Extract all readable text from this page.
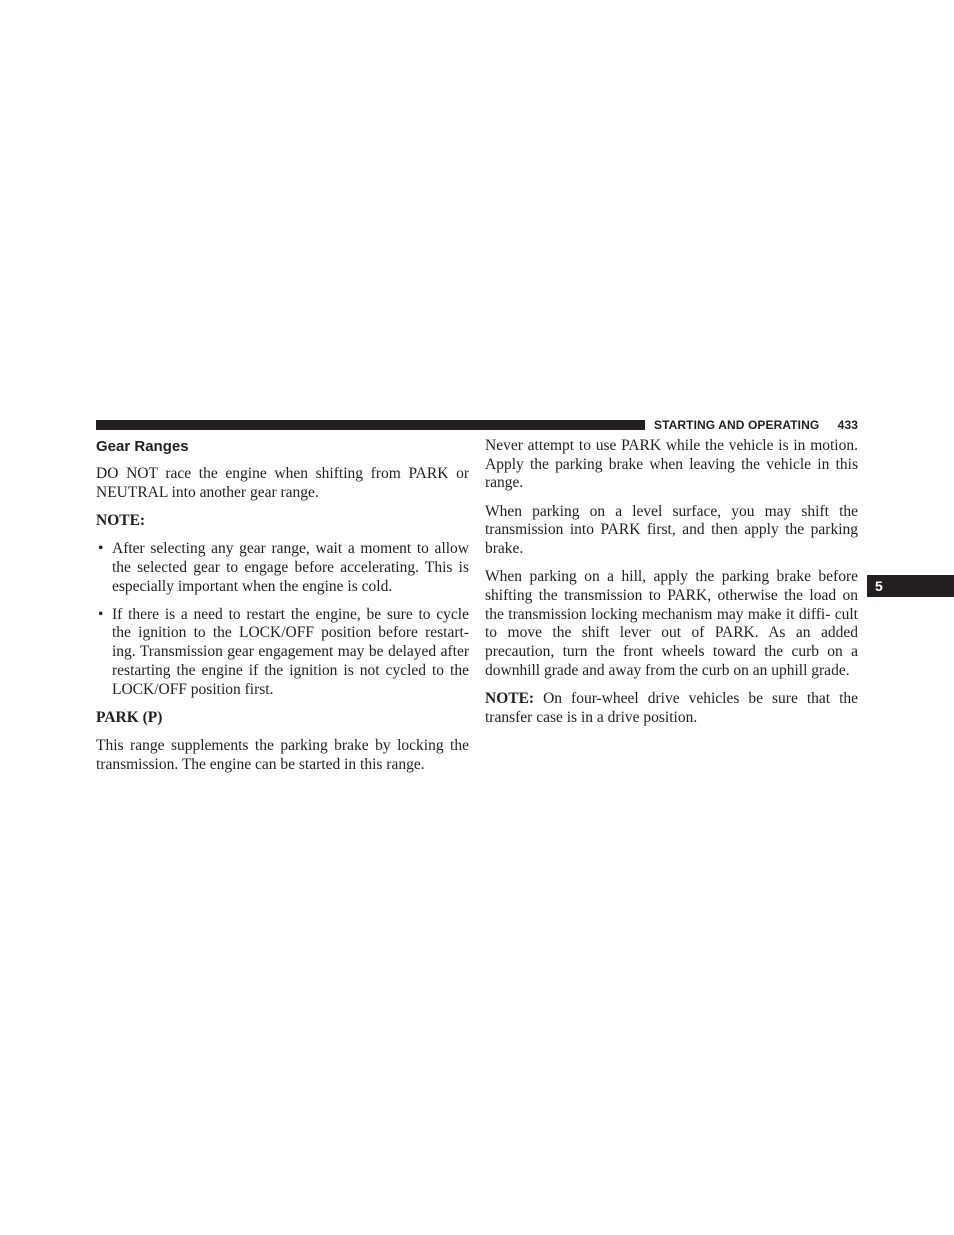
STARTING AND OPERATING 433
5
Gear Ranges

DO NOT race the engine when shifting from PARK or NEUTRAL into another gear range.

NOTE:

• After selecting any gear range, wait a moment to allow the selected gear to engage before accelerating. This is especially important when the engine is cold.
• If there is a need to restart the engine, be sure to cycle the ignition to the LOCK/OFF position before restart- ing. Transmission gear engagement may be delayed after restarting the engine if the ignition is not cycled to the LOCK/OFF position first.

PARK (P)

This range supplements the parking brake by locking the transmission. The engine can be started in this range.

Never attempt to use PARK while the vehicle is in motion. Apply the parking brake when leaving the vehicle in this range.

When parking on a level surface, you may shift the transmission into PARK first, and then apply the parking brake.

When parking on a hill, apply the parking brake before shifting the transmission to PARK, otherwise the load on the transmission locking mechanism may make it diffi- cult to move the shift lever out of PARK. As an added precaution, turn the front wheels toward the curb on a downhill grade and away from the curb on an uphill grade.

NOTE: On four-wheel drive vehicles be sure that the transfer case is in a drive position.
